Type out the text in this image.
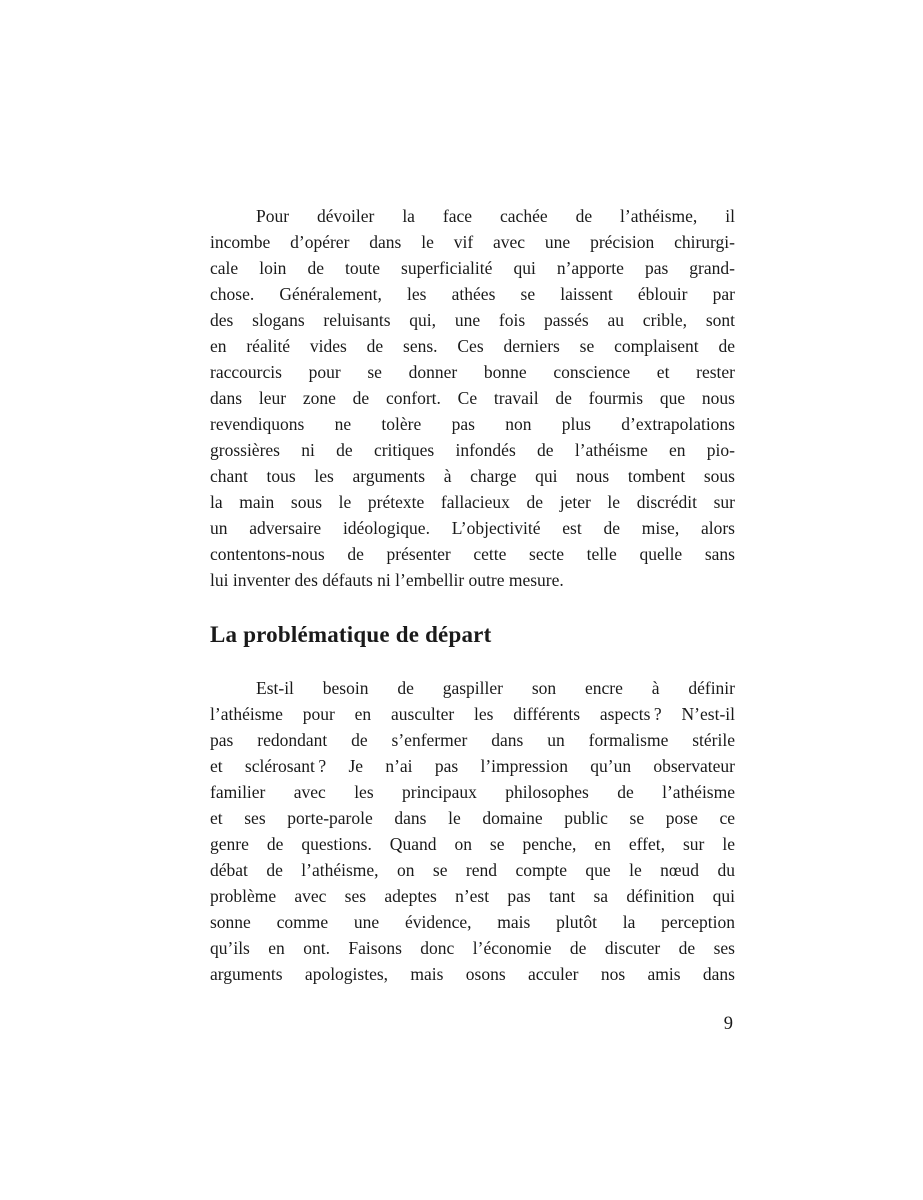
Pour dévoiler la face cachée de l’athéisme, il
incombe d’opérer dans le vif avec une précision chirurgi-
cale loin de toute superficialité qui n’apporte pas grand-
chose. Généralement, les athées se laissent éblouir par
des slogans reluisants qui, une fois passés au crible, sont
en réalité vides de sens. Ces derniers se complaisent de
raccourcis pour se donner bonne conscience et rester
dans leur zone de confort. Ce travail de fourmis que nous
revendiquons ne tolère pas non plus d’extrapolations
grossières ni de critiques infondés de l’athéisme en pio-
chant tous les arguments à charge qui nous tombent sous
la main sous le prétexte fallacieux de jeter le discrédit sur
un adversaire idéologique. L’objectivité est de mise, alors
contentons-nous de présenter cette secte telle quelle sans
lui inventer des défauts ni l’embellir outre mesure.
La problématique de départ
Est-il besoin de gaspiller son encre à définir
l’athéisme pour en ausculter les différents aspects ? N’est-il
pas redondant de s’enfermer dans un formalisme stérile
et sclérosant ? Je n’ai pas l’impression qu’un observateur
familier avec les principaux philosophes de l’athéisme
et ses porte-parole dans le domaine public se pose ce
genre de questions. Quand on se penche, en effet, sur le
débat de l’athéisme, on se rend compte que le nœud du
problème avec ses adeptes n’est pas tant sa définition qui
sonne comme une évidence, mais plutôt la perception
qu’ils en ont. Faisons donc l’économie de discuter de ses
arguments apologistes, mais osons acculer nos amis dans
9
